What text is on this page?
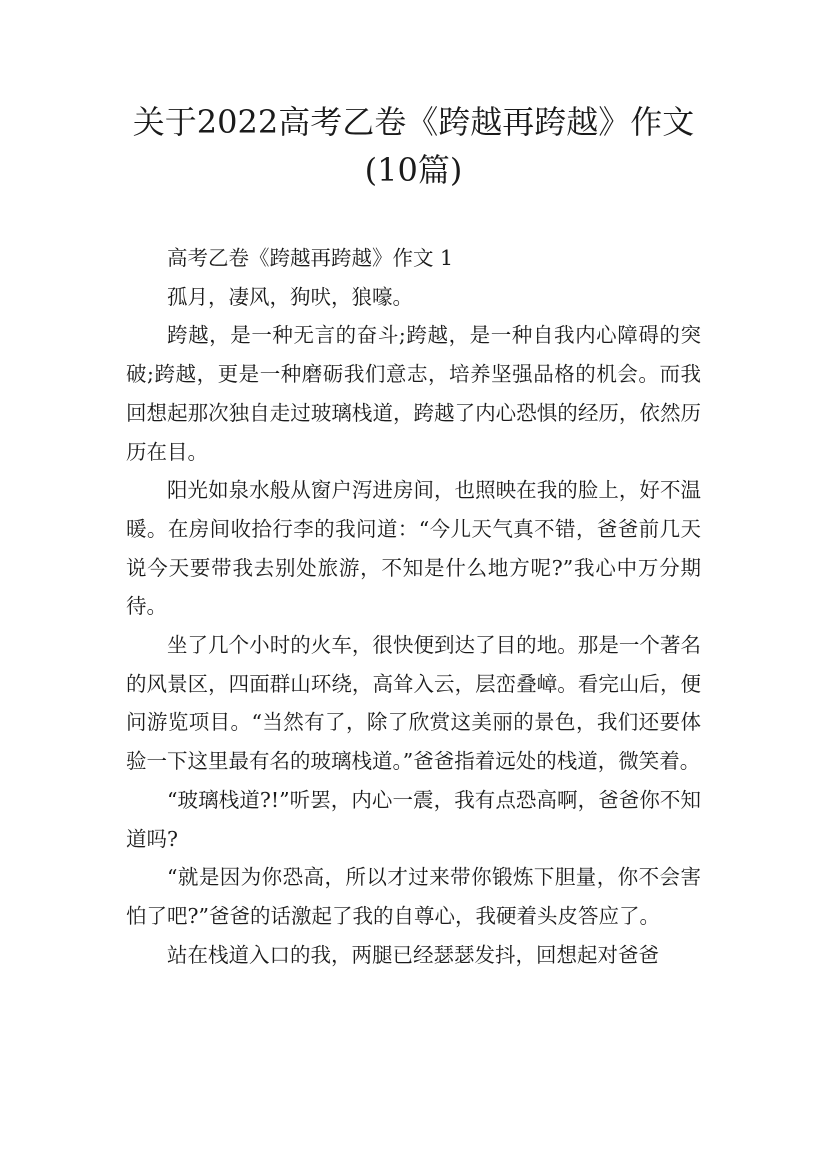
关于2022高考乙卷《跨越再跨越》作文(10篇)

高考乙卷《跨越再跨越》作文 1

孤月，凄风，狗吠，狼嚎。

跨越，是一种无言的奋斗;跨越，是一种自我内心障碍的突破;跨越，更是一种磨砺我们意志，培养坚强品格的机会。而我回想起那次独自走过玻璃栈道，跨越了内心恐惧的经历，依然历历在目。

阳光如泉水般从窗户泻进房间，也照映在我的脸上，好不温暖。在房间收拾行李的我问道：“今儿天气真不错，爸爸前几天说今天要带我去别处旅游，不知是什么地方呢?”我心中万分期待。

坐了几个小时的火车，很快便到达了目的地。那是一个著名的风景区，四面群山环绕，高耸入云，层峦叠嶂。看完山后，便问游览项目。“当然有了，除了欣赏这美丽的景色，我们还要体验一下这里最有名的玻璃栈道。”爸爸指着远处的栈道，微笑着。

“玻璃栈道?!”听罢，内心一震，我有点恐高啊，爸爸你不知道吗?

“就是因为你恐高，所以才过来带你锻炼下胆量，你不会害怕了吧?”爸爸的话激起了我的自尊心，我硬着头皮答应了。

站在栈道入口的我，两腿已经瑟瑟发抖，回想起对爸爸
